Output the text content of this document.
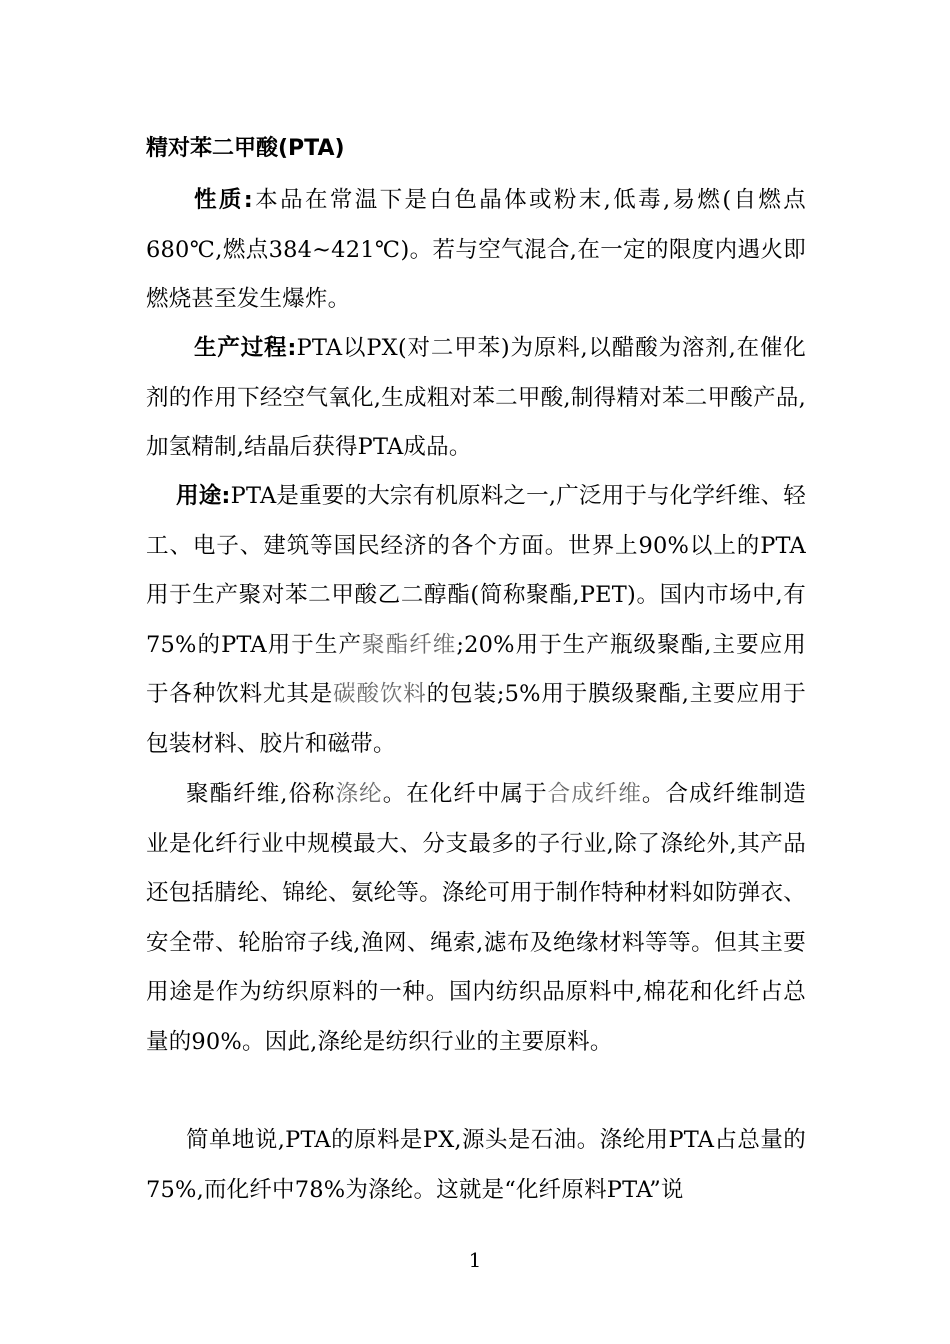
精对苯二甲酸(PTA)
性质:本品在常温下是白色晶体或粉末,低毒,易燃(自燃点680℃,燃点384~421℃)。若与空气混合,在一定的限度内遇火即燃烧甚至发生爆炸。
生产过程:PTA以PX(对二甲苯)为原料,以醋酸为溶剂,在催化剂的作用下经空气氧化,生成粗对苯二甲酸,制得精对苯二甲酸产品,加氢精制,结晶后获得PTA成品。
用途:PTA是重要的大宗有机原料之一,广泛用于与化学纤维、轻工、电子、建筑等国民经济的各个方面。世界上90%以上的PTA用于生产聚对苯二甲酸乙二醇酯(简称聚酯,PET)。国内市场中,有75%的PTA用于生产聚酯纤维;20%用于生产瓶级聚酯,主要应用于各种饮料尤其是碳酸饮料的包装;5%用于膜级聚酯,主要应用于包装材料、胶片和磁带。
聚酯纤维,俗称涤纶。在化纤中属于合成纤维。合成纤维制造业是化纤行业中规模最大、分支最多的子行业,除了涤纶外,其产品还包括腈纶、锦纶、氨纶等。涤纶可用于制作特种材料如防弹衣、安全带、轮胎帘子线,渔网、绳索,滤布及绝缘材料等等。但其主要用途是作为纺织原料的一种。国内纺织品原料中,棉花和化纤占总量的90%。因此,涤纶是纺织行业的主要原料。
简单地说,PTA的原料是PX,源头是石油。涤纶用PTA占总量的75%,而化纤中78%为涤纶。这就是“化纤原料PTA”说
1
